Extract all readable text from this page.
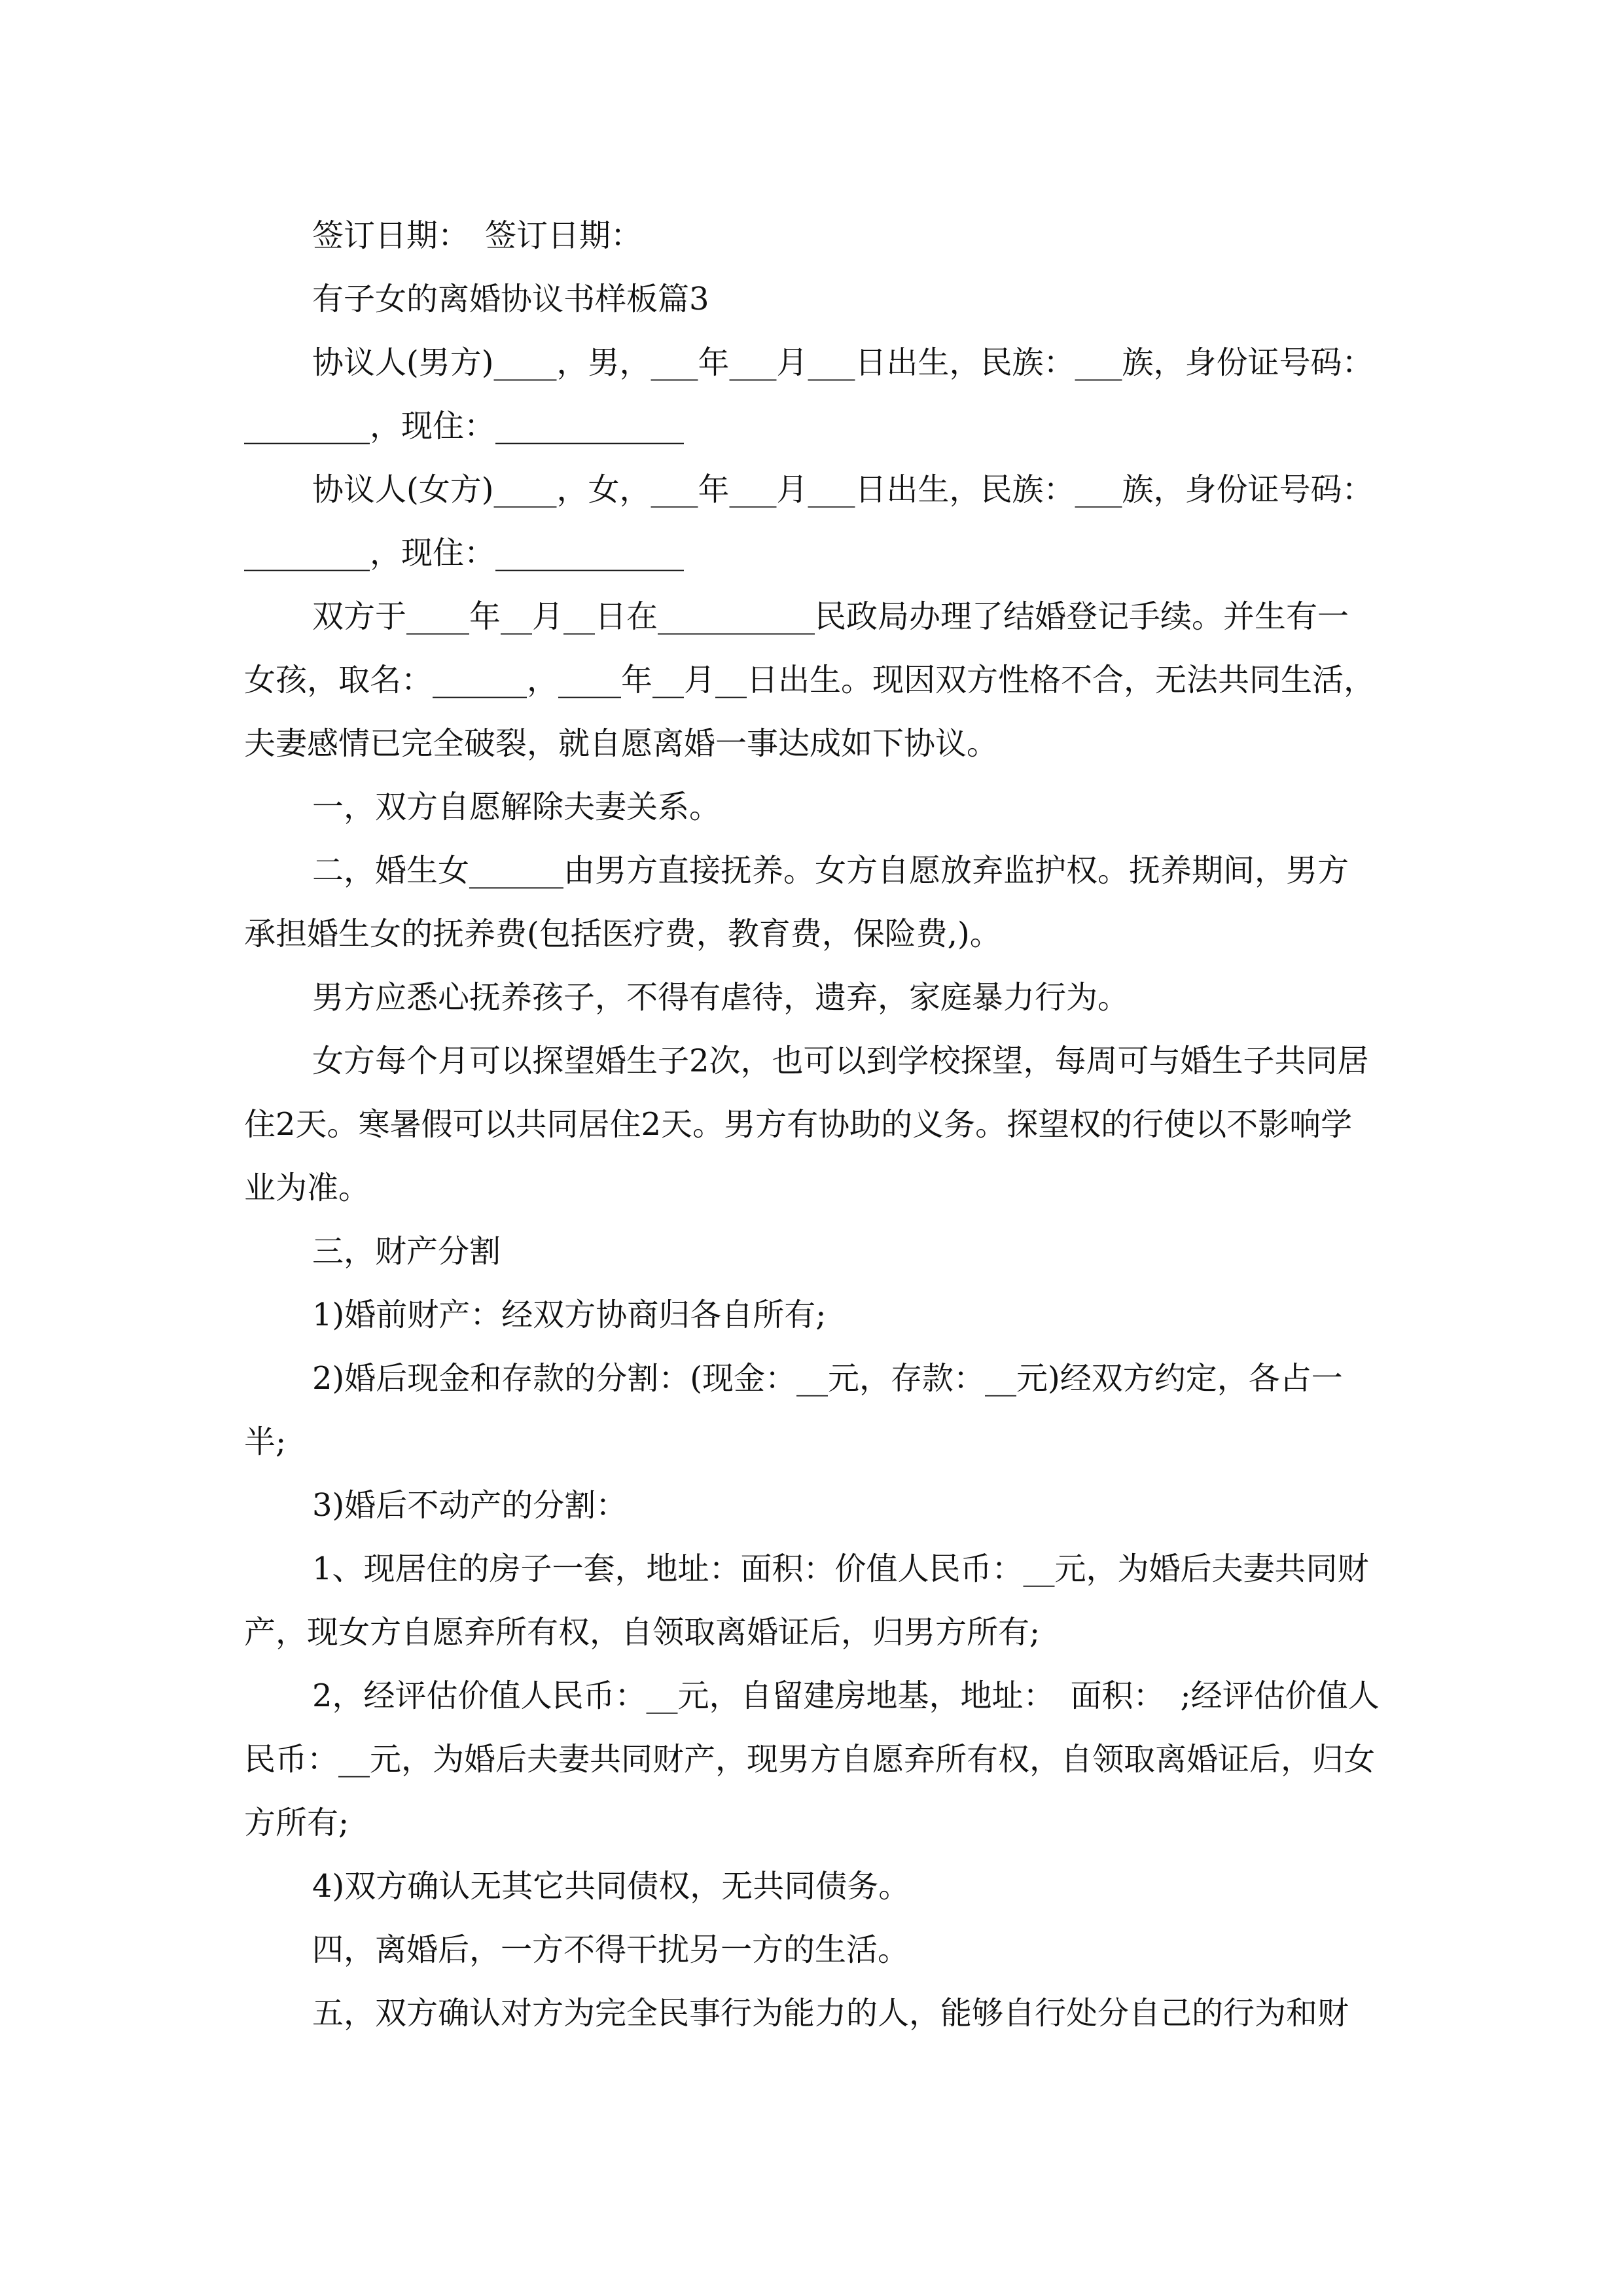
签订日期：　签订日期：

有子女的离婚协议书样板篇3

协议人(男方)____，男，___年___月___日出生，民族：___族，身份证号码：________，现住：____________

协议人(女方)____，女，___年___月___日出生，民族：___族，身份证号码：________，现住：____________

双方于____年__月__日在__________民政局办理了结婚登记手续。并生有一女孩，取名：______，____年__月__日出生。现因双方性格不合，无法共同生活，夫妻感情已完全破裂，就自愿离婚一事达成如下协议。

一，双方自愿解除夫妻关系。

二，婚生女______由男方直接抚养。女方自愿放弃监护权。抚养期间，男方承担婚生女的抚养费(包括医疗费，教育费，保险费,)。

男方应悉心抚养孩子，不得有虐待，遗弃，家庭暴力行为。

女方每个月可以探望婚生子2次，也可以到学校探望，每周可与婚生子共同居住2天。寒暑假可以共同居住2天。男方有协助的义务。探望权的行使以不影响学业为准。

三，财产分割

1)婚前财产：经双方协商归各自所有;

2)婚后现金和存款的分割：(现金：__元，存款：__元)经双方约定，各占一半;

3)婚后不动产的分割：

1、现居住的房子一套，地址：面积：价值人民币：__元，为婚后夫妻共同财产，现女方自愿弃所有权，自领取离婚证后，归男方所有;

2，经评估价值人民币：__元，自留建房地基，地址：　面积：　;经评估价值人民币：__元，为婚后夫妻共同财产，现男方自愿弃所有权，自领取离婚证后，归女方所有;

4)双方确认无其它共同债权，无共同债务。

四，离婚后，一方不得干扰另一方的生活。

五，双方确认对方为完全民事行为能力的人，能够自行处分自己的行为和财
